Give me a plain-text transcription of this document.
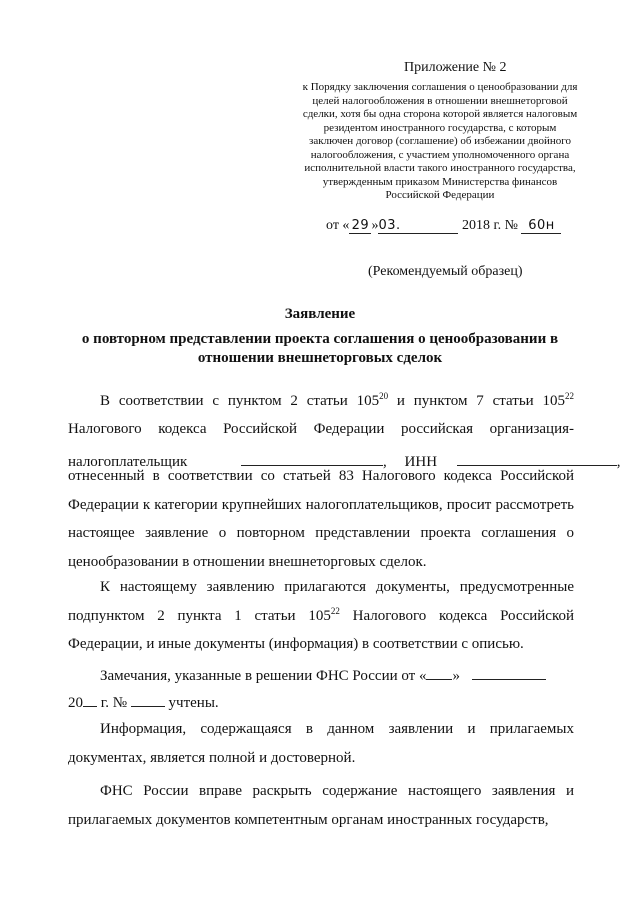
Приложение № 2
к Порядку заключения соглашения о ценообразовании для
целей налогообложения в отношении внешнеторговой
сделки, хотя бы одна сторона которой является налоговым
резидентом иностранного государства, с которым
заключен договор (соглашение) об избежании двойного
налогообложения, с участием уполномоченного органа
исполнительной власти такого иностранного государства,
утвержденным приказом Министерства финансов
Российской Федерации
от « 29 »03.	2018 г. № 60н
(Рекомендуемый образец)
Заявление
о повторном представлении проекта соглашения о ценообразовании в
отношении внешнеторговых сделок
В соответствии с пунктом 2 статьи $105^{20}$ и пунктом 7 статьи $105^{22}$
Налогового кодекса Российской Федерации российская организация-
налогоплательщик	, ИНН	,
отнесенный в соответствии со статьей 83 Налогового кодекса Российской Федерации к категории крупнейших налогоплательщиков, просит рассмотреть настоящее заявление о повторном представлении проекта соглашения о ценообразовании в отношении внешнеторговых сделок.
К настоящему заявлению прилагаются документы, предусмотренные подпунктом 2 пункта 1 статьи $105^{22}$ Налогового кодекса Российской Федерации, и иные документы (информация) в соответствии с описью.
Замечания, указанные в решении ФНС России от « »
20 г. №	учтены.
Информация, содержащаяся в данном заявлении и прилагаемых документах, является полной и достоверной.
ФНС России вправе раскрыть содержание настоящего заявления и прилагаемых документов компетентным органам иностранных государств,
